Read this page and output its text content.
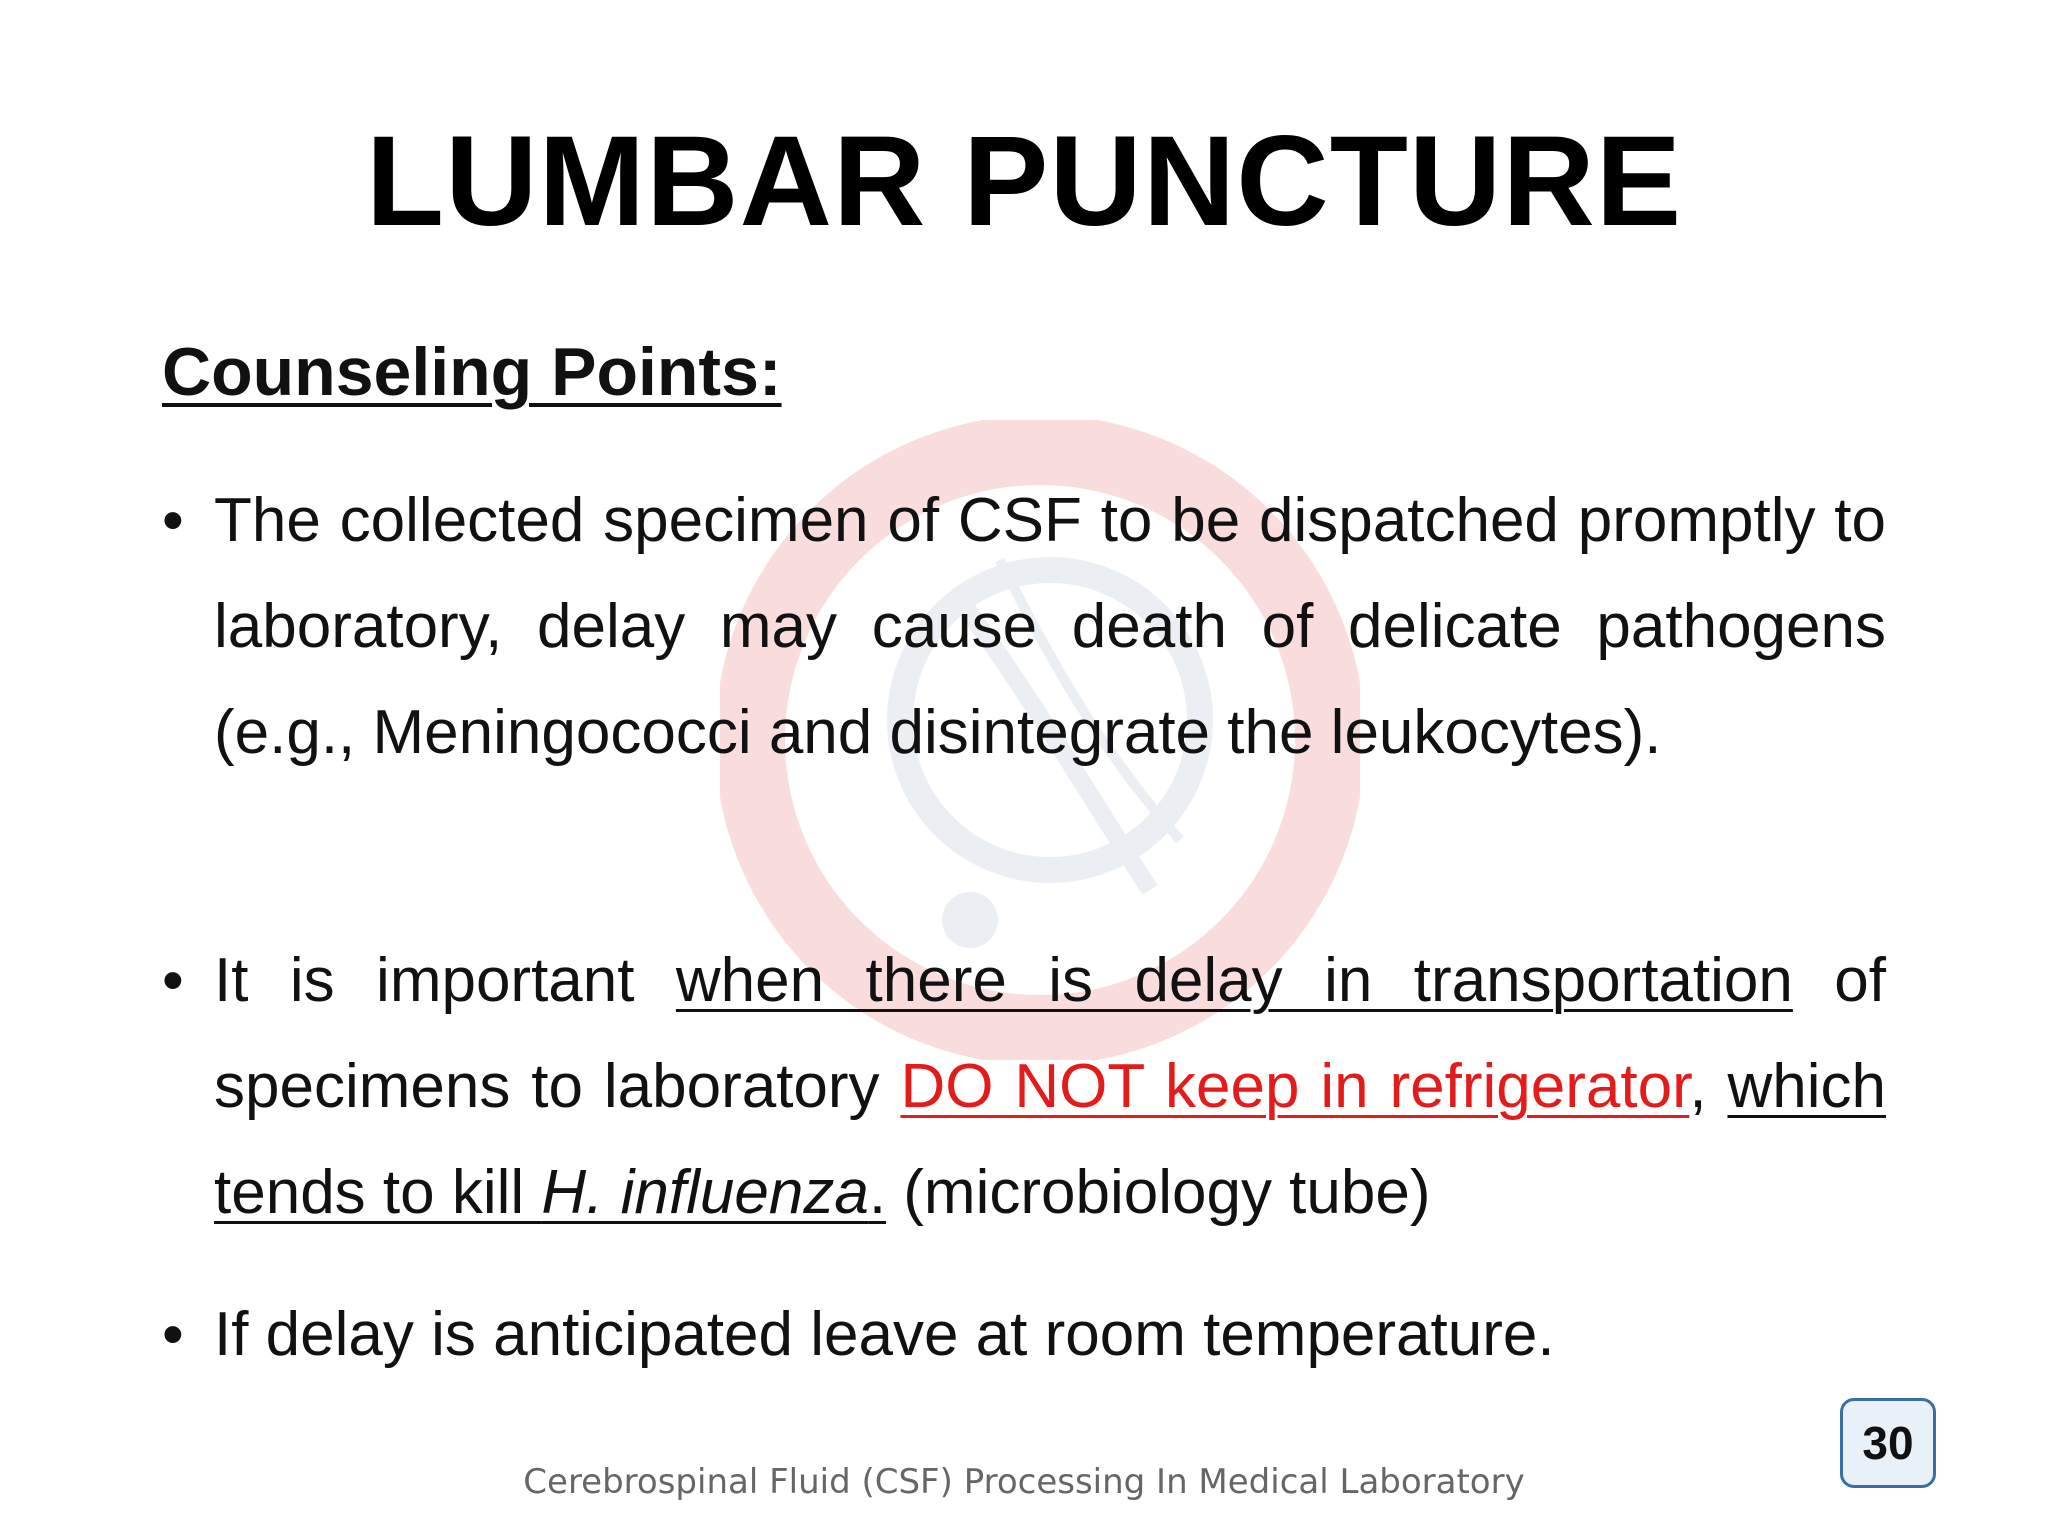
LUMBAR PUNCTURE
Counseling Points:
• The collected specimen of CSF to be dispatched promptly to laboratory, delay may cause death of delicate pathogens (e.g., Meningococci and disintegrate the leukocytes).
• It is important when there is delay in transportation of specimens to laboratory DO NOT keep in refrigerator, which tends to kill H. influenza. (microbiology tube)
• If delay is anticipated leave at room temperature.
Cerebrospinal Fluid (CSF) Processing In Medical Laboratory
30
